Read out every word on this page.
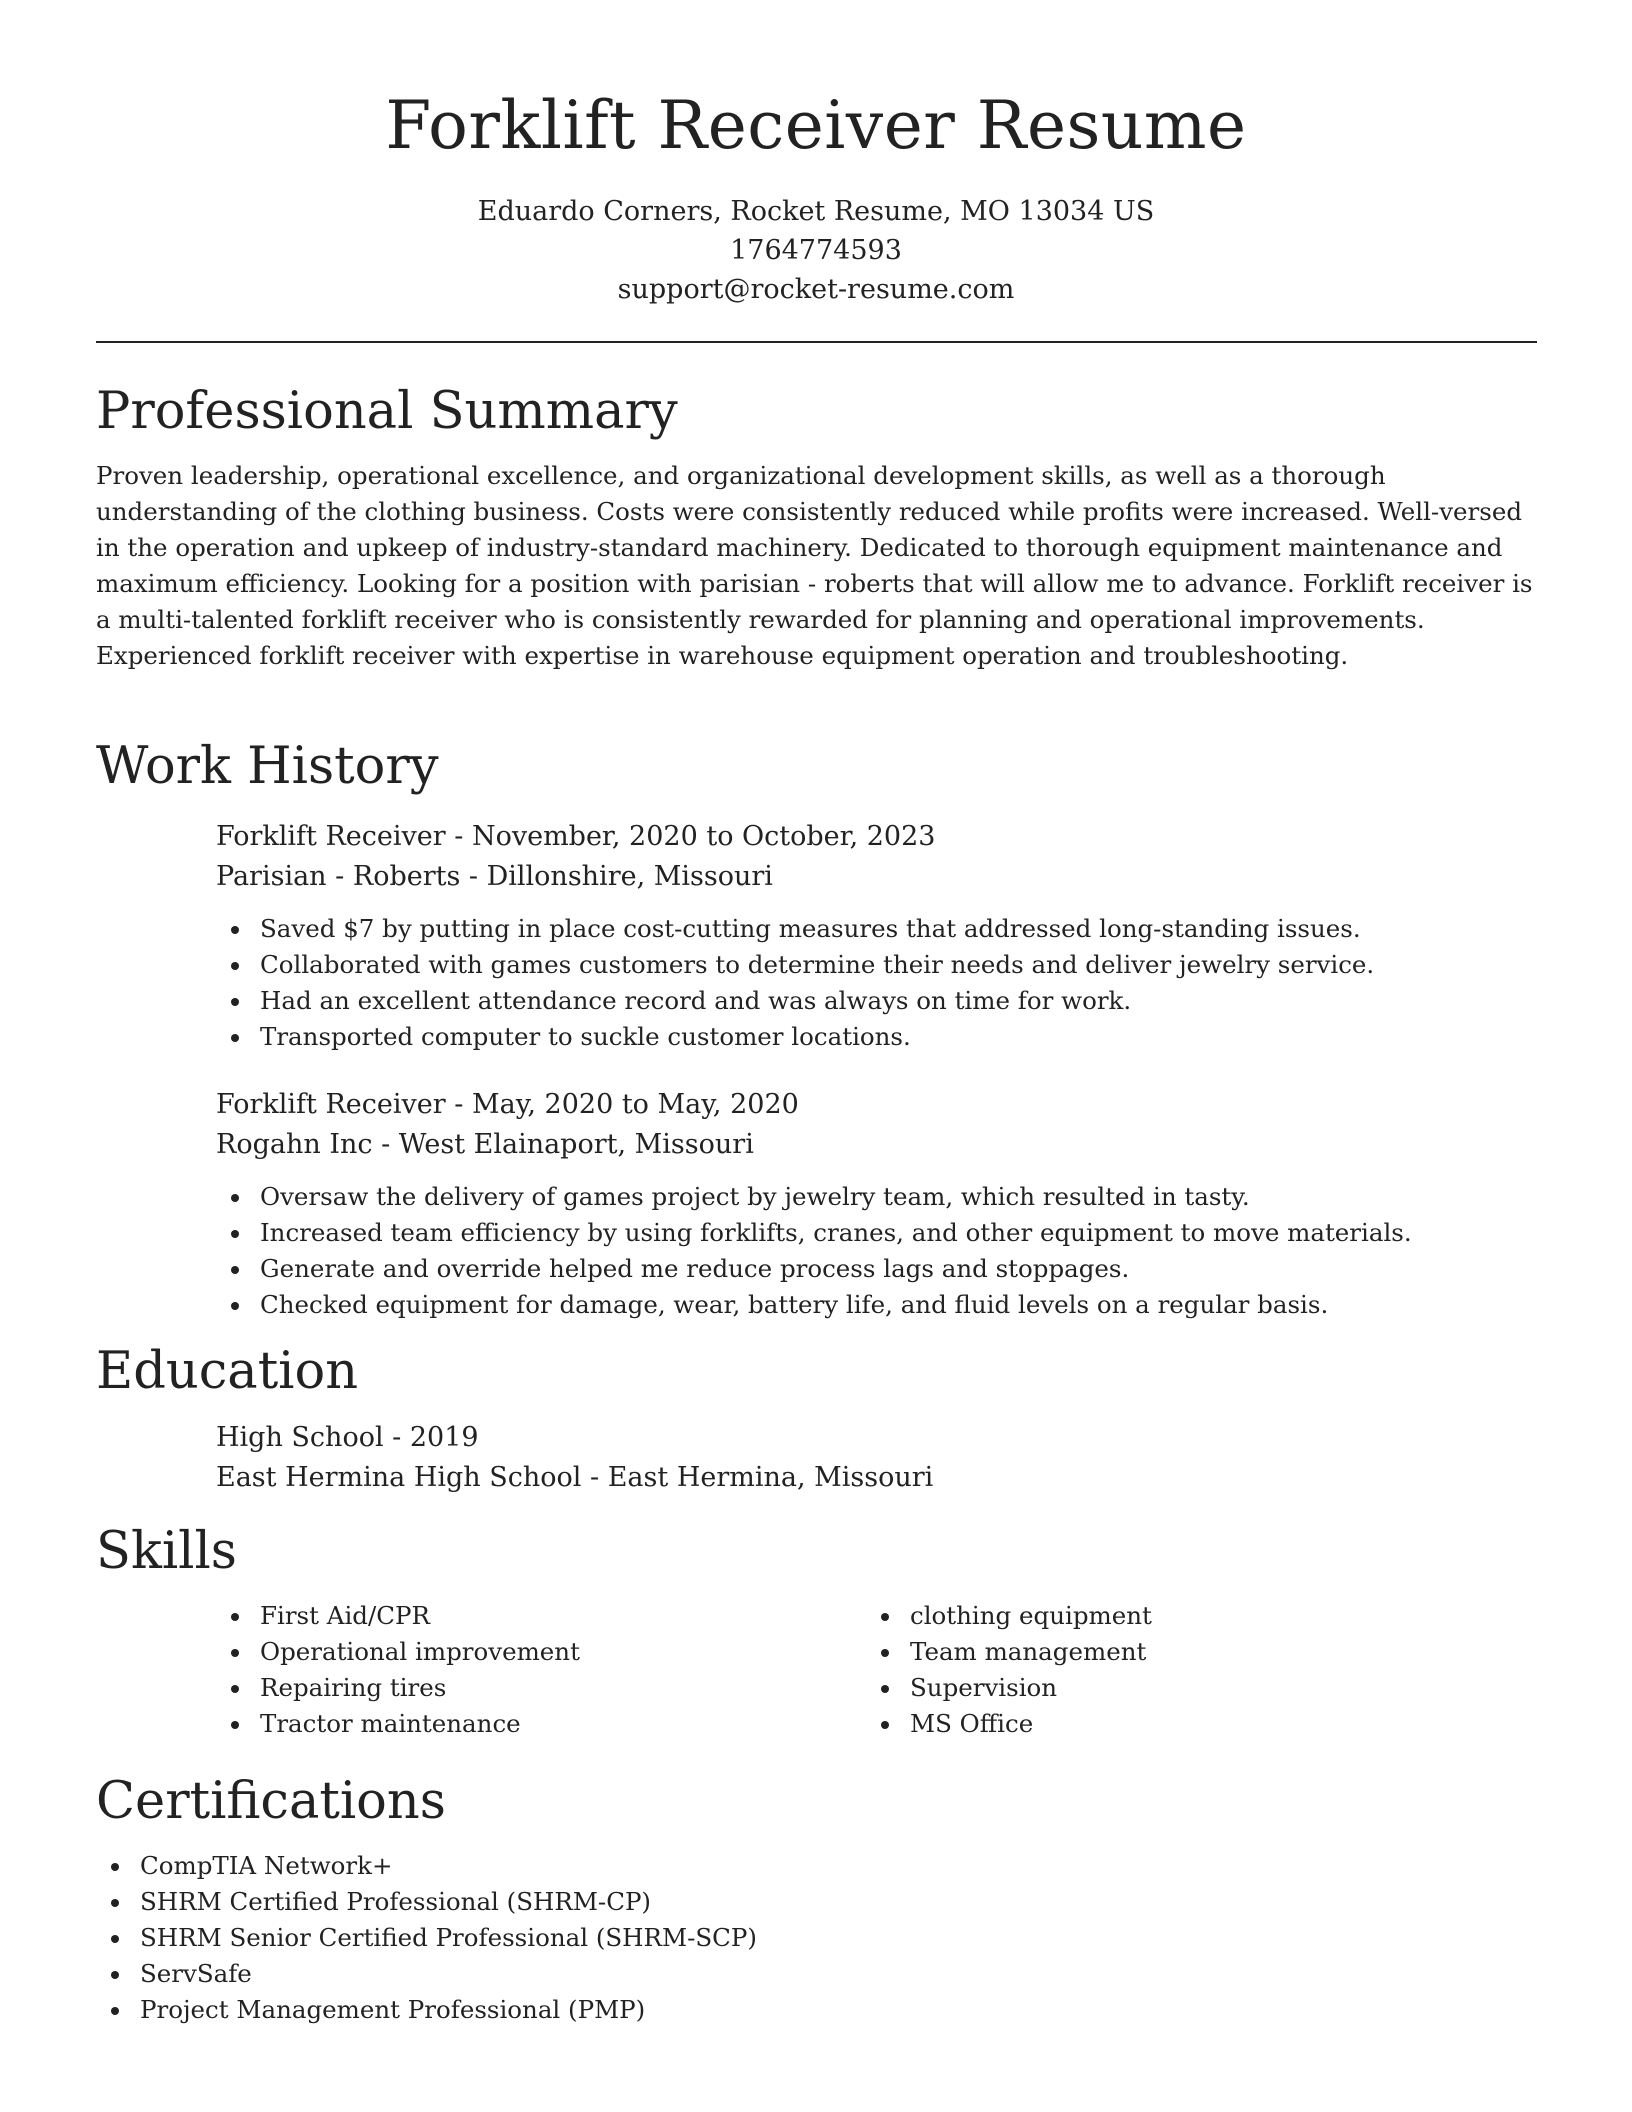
Forklift Receiver Resume
Eduardo Corners, Rocket Resume, MO 13034 US
1764774593
support@rocket-resume.com
Professional Summary

Proven leadership, operational excellence, and organizational development skills, as well as a thorough understanding of the clothing business. Costs were consistently reduced while profits were increased. Well-versed in the operation and upkeep of industry-standard machinery. Dedicated to thorough equipment maintenance and maximum efficiency. Looking for a position with parisian - roberts that will allow me to advance. Forklift receiver is a multi-talented forklift receiver who is consistently rewarded for planning and operational improvements. Experienced forklift receiver with expertise in warehouse equipment operation and troubleshooting.

Work History
Forklift Receiver - November, 2020 to October, 2023
Parisian - Roberts - Dillonshire, Missouri
Saved $7 by putting in place cost-cutting measures that addressed long-standing issues.
Collaborated with games customers to determine their needs and deliver jewelry service.
Had an excellent attendance record and was always on time for work.
Transported computer to suckle customer locations.
Forklift Receiver - May, 2020 to May, 2020
Rogahn Inc - West Elainaport, Missouri
Oversaw the delivery of games project by jewelry team, which resulted in tasty.
Increased team efficiency by using forklifts, cranes, and other equipment to move materials.
Generate and override helped me reduce process lags and stoppages.
Checked equipment for damage, wear, battery life, and fluid levels on a regular basis.
Education
High School - 2019
East Hermina High School - East Hermina, Missouri
Skills
First Aid/CPR
Operational improvement
Repairing tires
Tractor maintenance
clothing equipment
Team management
Supervision
MS Office
Certifications
CompTIA Network+
SHRM Certified Professional (SHRM-CP)
SHRM Senior Certified Professional (SHRM-SCP)
ServSafe
Project Management Professional (PMP)
